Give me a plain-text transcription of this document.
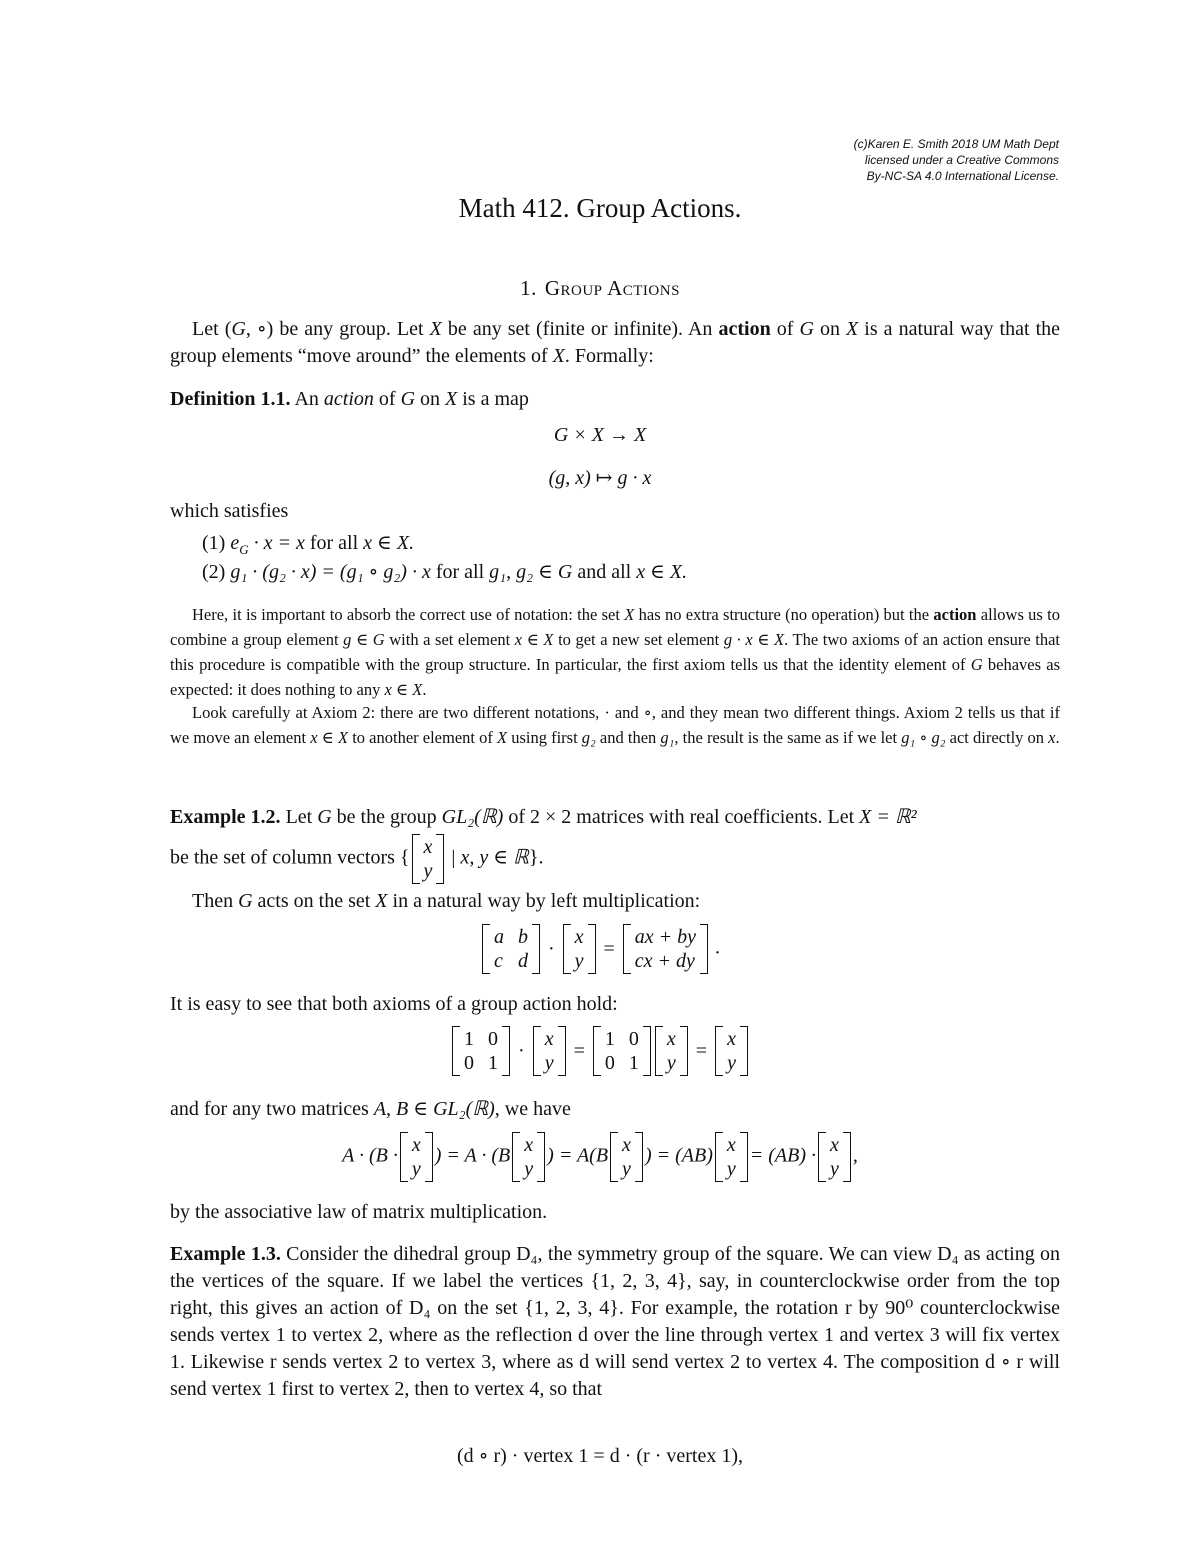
(c)Karen E. Smith 2018 UM Math Dept
licensed under a Creative Commons
By-NC-SA 4.0 International License.
Math 412. Group Actions.
1. Group Actions
Let (G, ∘) be any group. Let X be any set (finite or infinite). An action of G on X is a natural way that the group elements “move around” the elements of X. Formally:
Definition 1.1. An action of G on X is a map
G × X → X
(g, x) ↦ g · x
which satisfies
(1) $e_G \cdot x = x$ for all x ∈ X.
(2) g₁ · (g₂ · x) = (g₁ ∘ g₂) · x for all g₁, g₂ ∈ G and all x ∈ X.
Here, it is important to absorb the correct use of notation: the set X has no extra structure (no operation) but the action allows us to combine a group element g ∈ G with a set element x ∈ X to get a new set element g · x ∈ X. The two axioms of an action ensure that this procedure is compatible with the group structure. In particular, the first axiom tells us that the identity element of G behaves as expected: it does nothing to any x ∈ X.
Look carefully at Axiom 2: there are two different notations, · and ∘, and they mean two different things. Axiom 2 tells us that if we move an element x ∈ X to another element of X using first g₂ and then g₁, the result is the same as if we let g₁ ∘ g₂ act directly on x.
Example 1.2. Let G be the group GL₂(ℝ) of 2 × 2 matrices with real coefficients. Let X = ℝ²
be the set of column vectors { x
y
| x, y ∈ ℝ}.
Then G acts on the set X in a natural way by left multiplication:
a b
c d
·
x
y
=
ax + by
cx + dy
.
It is easy to see that both axioms of a group action hold:
1 0
0 1
·
x
y
=
1 0
0 1
x
y
=
x
y
and for any two matrices A, B ∈ GL₂(ℝ), we have
A · (B · x
y
) = A · (B x
y
) = A(B x
y
) = (AB) x
y
= (AB) · x
y
,
by the associative law of matrix multiplication.
Example 1.3. Consider the dihedral group D₄, the symmetry group of the square. We can view D₄ as acting on the vertices of the square. If we label the vertices {1, 2, 3, 4}, say, in counterclockwise order from the top right, this gives an action of D₄ on the set {1, 2, 3, 4}. For example, the rotation r by 90⁰ counterclockwise sends vertex 1 to vertex 2, where as the reflection d over the line through vertex 1 and vertex 3 will fix vertex 1. Likewise r sends vertex 2 to vertex 3, where as d will send vertex 2 to vertex 4. The composition d ∘ r will send vertex 1 first to vertex 2, then to vertex 4, so that
(d ∘ r) · vertex 1 = d · (r · vertex 1),
